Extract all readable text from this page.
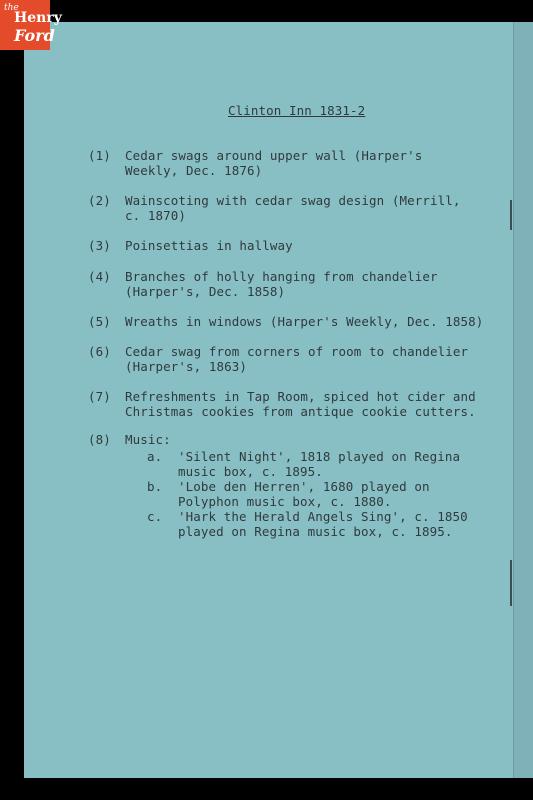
the
Henry
Ford
Clinton Inn 1831-2
(1) Cedar swags around upper wall (Harper's
Weekly, Dec. 1876)
(2) Wainscoting with cedar swag design (Merrill,
c. 1870)
(3) Poinsettias in hallway
(4) Branches of holly hanging from chandelier
(Harper's, Dec. 1858)
(5) Wreaths in windows (Harper's Weekly, Dec. 1858)
(6) Cedar swag from corners of room to chandelier
(Harper's, 1863)
(7) Refreshments in Tap Room, spiced hot cider and
Christmas cookies from antique cookie cutters.
(8) Music:
a. 'Silent Night', 1818 played on Regina
music box, c. 1895.
b. 'Lobe den Herren', 1680 played on
Polyphon music box, c. 1880.
c. 'Hark the Herald Angels Sing', c. 1850
played on Regina music box, c. 1895.
